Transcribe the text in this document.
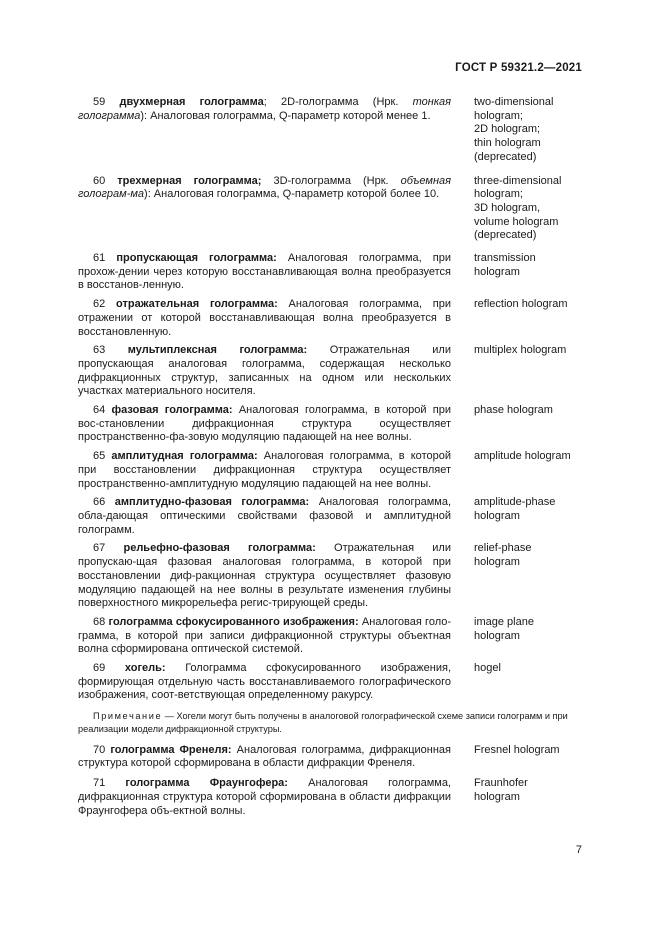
ГОСТ Р 59321.2—2021
59 двухмерная голограмма; 2D-голограмма (Нрк. тонкая голограмма): Аналоговая голограмма, Q-параметр которой менее 1.
two-dimensional
hologram;
2D hologram;
thin hologram
(deprecated)
60 трехмерная голограмма; 3D-голограмма (Нрк. объемная голограм-ма): Аналоговая голограмма, Q-параметр которой более 10.
three-dimensional
hologram;
3D hologram,
volume hologram
(deprecated)
61 пропускающая голограмма: Аналоговая голограмма, при прохож-дении через которую восстанавливающая волна преобразуется в восстанов-ленную.
transmission
hologram
62 отражательная голограмма: Аналоговая голограмма, при отражении от которой восстанавливающая волна преобразуется в восстановленную.
reflection hologram
63 мультиплексная голограмма: Отражательная или пропускающая аналоговая голограмма, содержащая несколько дифракционных структур, записанных на одном или нескольких участках материального носителя.
multiplex hologram
64 фазовая голограмма: Аналоговая голограмма, в которой при вос-становлении дифракционная структура осуществляет пространственно-фа-зовую модуляцию падающей на нее волны.
phase hologram
65 амплитудная голограмма: Аналоговая голограмма, в которой при восстановлении дифракционная структура осуществляет пространственно-амплитудную модуляцию падающей на нее волны.
amplitude hologram
66 амплитудно-фазовая голограмма: Аналоговая голограмма, обла-дающая оптическими свойствами фазовой и амплитудной голограмм.
amplitude-phase
hologram
67 рельефно-фазовая голограмма: Отражательная или пропускаю-щая фазовая аналоговая голограмма, в которой при восстановлении диф-ракционная структура осуществляет фазовую модуляцию падающей на нее волны в результате изменения глубины поверхностного микрорельефа регис-трирующей среды.
relief-phase
hologram
68 голограмма сфокусированного изображения: Аналоговая голо-грамма, в которой при записи дифракционной структуры объектная волна сформирована оптической системой.
image plane
hologram
69 хогель: Голограмма сфокусированного изображения, формирующая отдельную часть восстанавливаемого голографического изображения, соот-ветствующая определенному ракурсу.
hogel
Примечание — Хогели могут быть получены в аналоговой голографической схеме записи голограмм и при реализации модели дифракционной структуры.
70 голограмма Френеля: Аналоговая голограмма, дифракционная структура которой сформирована в области дифракции Френеля.
Fresnel hologram
71 голограмма Фраунгофера: Аналоговая голограмма, дифракционная структура которой сформирована в области дифракции Фраунгофера объ-ектной волны.
Fraunhofer
hologram
7
